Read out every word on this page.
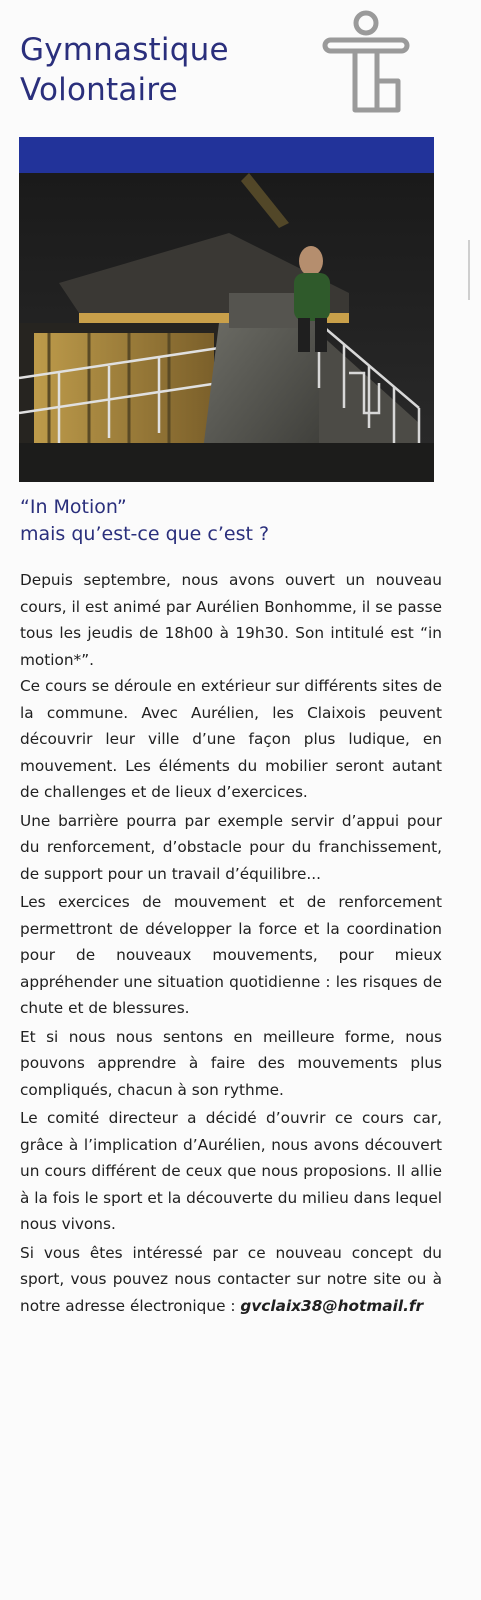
Gymnastique
Volontaire
“In Motion”
mais qu’est-ce que c’est ?

Depuis septembre, nous avons ouvert un nouveau cours, il est animé par Aurélien Bonhomme, il se passe tous les jeudis de 18h00 à 19h30. Son intitulé est “in motion*”.

Ce cours se déroule en extérieur sur différents sites de la commune. Avec Aurélien, les Claixois peuvent découvrir leur ville d’une façon plus ludique, en mouvement. Les éléments du mobilier seront autant de challenges et de lieux d’exercices.

Une barrière pourra par exemple servir d’appui pour du renforcement, d’obstacle pour du franchissement, de support pour un travail d’équilibre...

Les exercices de mouvement et de renforcement permettront de développer la force et la coordination pour de nouveaux mouvements, pour mieux appréhender une situation quotidienne : les risques de chute et de blessures.

Et si nous nous sentons en meilleure forme, nous pouvons apprendre à faire des mouvements plus compliqués, chacun à son rythme.

Le comité directeur a décidé d’ouvrir ce cours car, grâce à l’implication d’Aurélien, nous avons découvert un cours différent de ceux que nous proposions. Il allie à la fois le sport et la découverte du milieu dans lequel nous vivons.

Si vous êtes intéressé par ce nouveau concept du sport, vous pouvez nous contacter sur notre site ou à notre adresse électronique : gvclaix38@hotmail.fr
